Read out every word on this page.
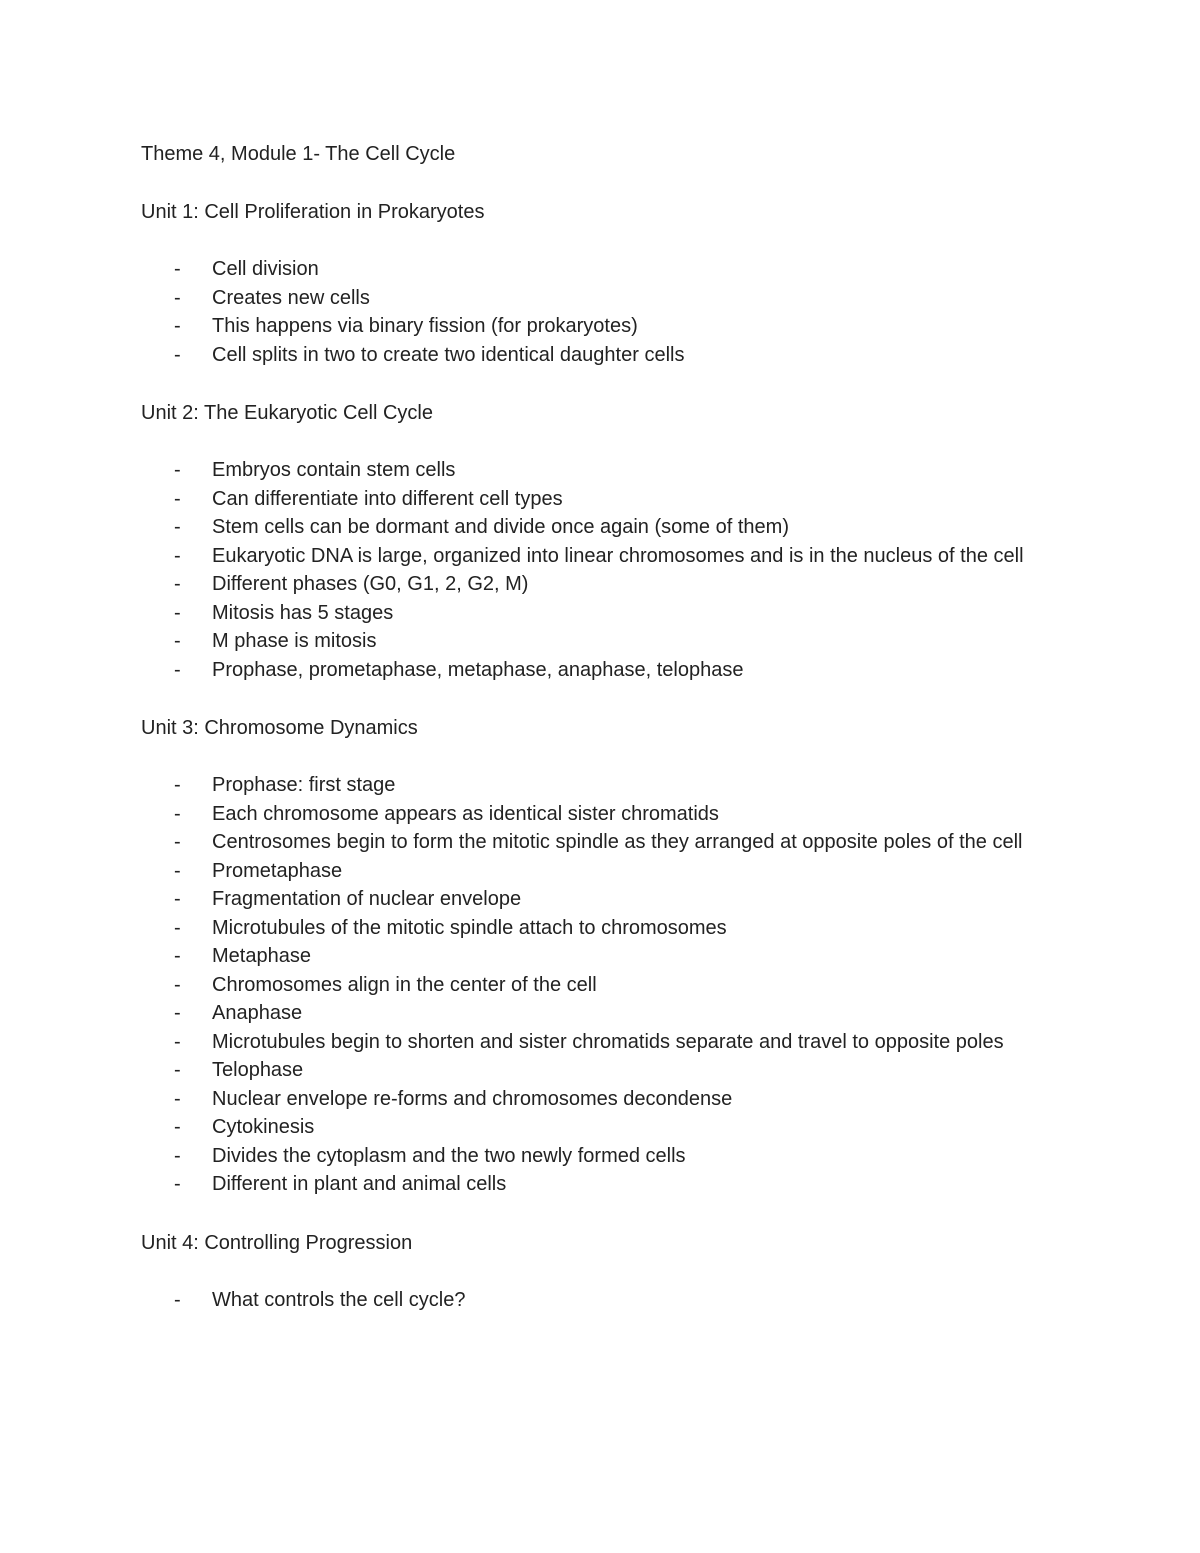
Theme 4, Module 1- The Cell Cycle
Unit 1: Cell Proliferation in Prokaryotes
- Cell division
- Creates new cells
- This happens via binary fission (for prokaryotes)
- Cell splits in two to create two identical daughter cells
Unit 2: The Eukaryotic Cell Cycle
- Embryos contain stem cells
- Can differentiate into different cell types
- Stem cells can be dormant and divide once again (some of them)
- Eukaryotic DNA is large, organized into linear chromosomes and is in the nucleus of the cell
- Different phases (G0, G1, 2, G2, M)
- Mitosis has 5 stages
- M phase is mitosis
- Prophase, prometaphase, metaphase, anaphase, telophase
Unit 3: Chromosome Dynamics
- Prophase: first stage
- Each chromosome appears as identical sister chromatids
- Centrosomes begin to form the mitotic spindle as they arranged at opposite poles of the cell
- Prometaphase
- Fragmentation of nuclear envelope
- Microtubules of the mitotic spindle attach to chromosomes
- Metaphase
- Chromosomes align in the center of the cell
- Anaphase
- Microtubules begin to shorten and sister chromatids separate and travel to opposite poles
- Telophase
- Nuclear envelope re-forms and chromosomes decondense
- Cytokinesis
- Divides the cytoplasm and the two newly formed cells
- Different in plant and animal cells
Unit 4: Controlling Progression
- What controls the cell cycle?
